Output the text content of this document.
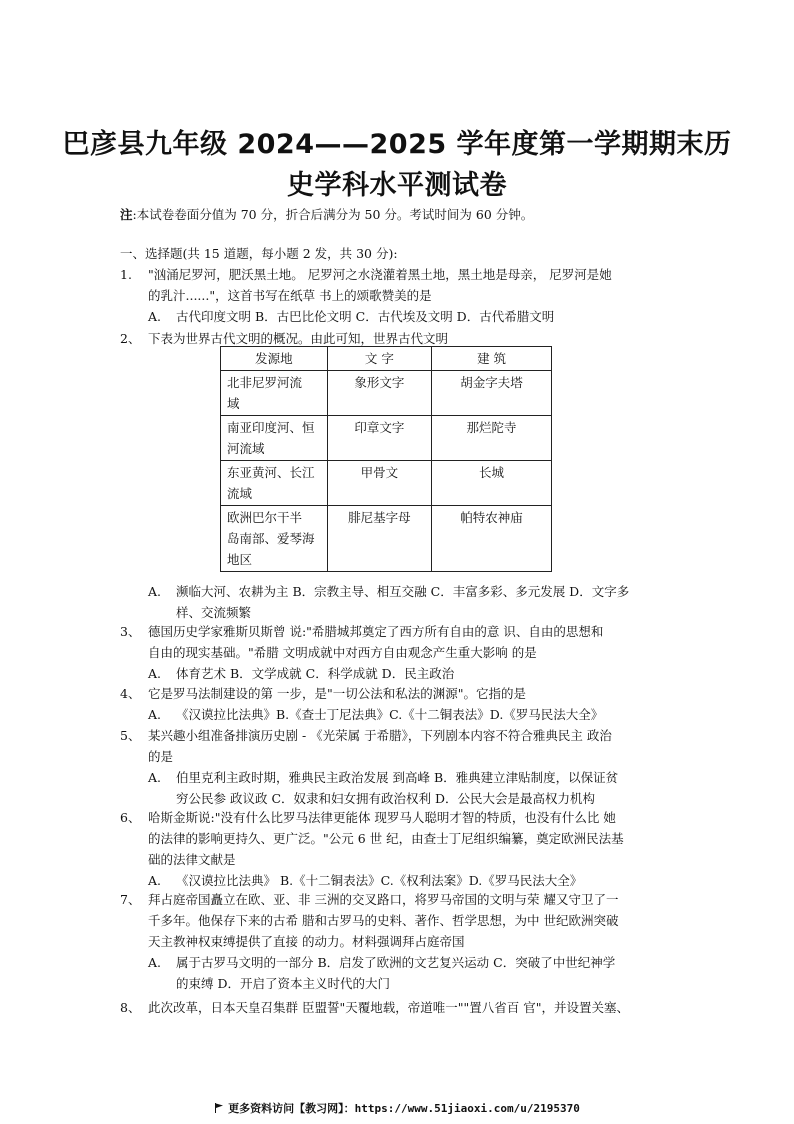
巴彦县九年级 2024——2025 学年度第一学期期末历
史学科水平测试卷
注:本试卷卷面分值为 70 分，折合后满分为 50 分。考试时间为 60 分钟。
一、选择题(共 15 道题，每小题 2 发，共 30 分):
1. "汹涌尼罗河，肥沃黑土地。 尼罗河之水浇灌着黑土地，黑土地是母亲， 尼罗河是她
的乳汁......"，这首书写在纸草 书上的颂歌赞美的是
A. 古代印度文明 B．古巴比伦文明 C．古代埃及文明 D．古代希腊文明
2、 下表为世界古代文明的概况。由此可知，世界古代文明
A. 濒临大河、农耕为主 B．宗教主导、相互交融 C．丰富多彩、多元发展 D．文字多
样、交流频繁
3、 德国历史学家雅斯贝斯曾 说:"希腊城邦奠定了西方所有自由的意 识、自由的思想和
自由的现实基础。"希腊 文明成就中对西方自由观念产生重大影响 的是
A. 体育艺术 B．文学成就 C．科学成就 D．民主政治
4、 它是罗马法制建设的第 一步，是"一切公法和私法的渊源"。它指的是
A. 《汉谟拉比法典》B.《查士丁尼法典》C.《十二铜表法》D.《罗马民法大全》
5、 某兴趣小组准备排演历史剧 - 《光荣属 于希腊》，下列剧本内容不符合雅典民主 政治
的是
A. 伯里克利主政时期，雅典民主政治发展 到高峰 B．雅典建立津贴制度，以保证贫
穷公民参 政议政 C．奴隶和妇女拥有政治权利 D．公民大会是最高权力机构
6、 哈斯金斯说:"没有什么比罗马法律更能体 现罗马人聪明才智的特质，也没有什么比 她
的法律的影响更持久、更广泛。"公元 6 世 纪，由查士丁尼组织编纂，奠定欧洲民法基
础的法律文献是
A. 《汉谟拉比法典》 B.《十二铜表法》C.《权利法案》D.《罗马民法大全》
7、 拜占庭帝国矗立在欧、亚、非 三洲的交叉路口，将罗马帝国的文明与荣 耀又守卫了一
千多年。他保存下来的古希 腊和古罗马的史料、著作、哲学思想，为中 世纪欧洲突破
天主教神权束缚提供了直接 的动力。材料强调拜占庭帝国
A. 属于古罗马文明的一部分 B．启发了欧洲的文艺复兴运动 C．突破了中世纪神学
的束缚 D．开启了资本主义时代的大门
8、 此次改革，日本天皇召集群 臣盟誓"天覆地载，帝道唯一""置八省百 官"，并设置关塞、
发源地	文 字	建 筑

北非尼罗河流
域	象形文字	胡金字夫塔

南亚印度河、恒
河流域	印章文字	那烂陀寺

东亚黄河、长江
流域	甲骨文	长城

欧洲巴尔干半
岛南部、爱琴海
地区	腓尼基字母	帕特农神庙
更多资料访问【教习网】：https://www.51jiaoxi.com/u/2195370
